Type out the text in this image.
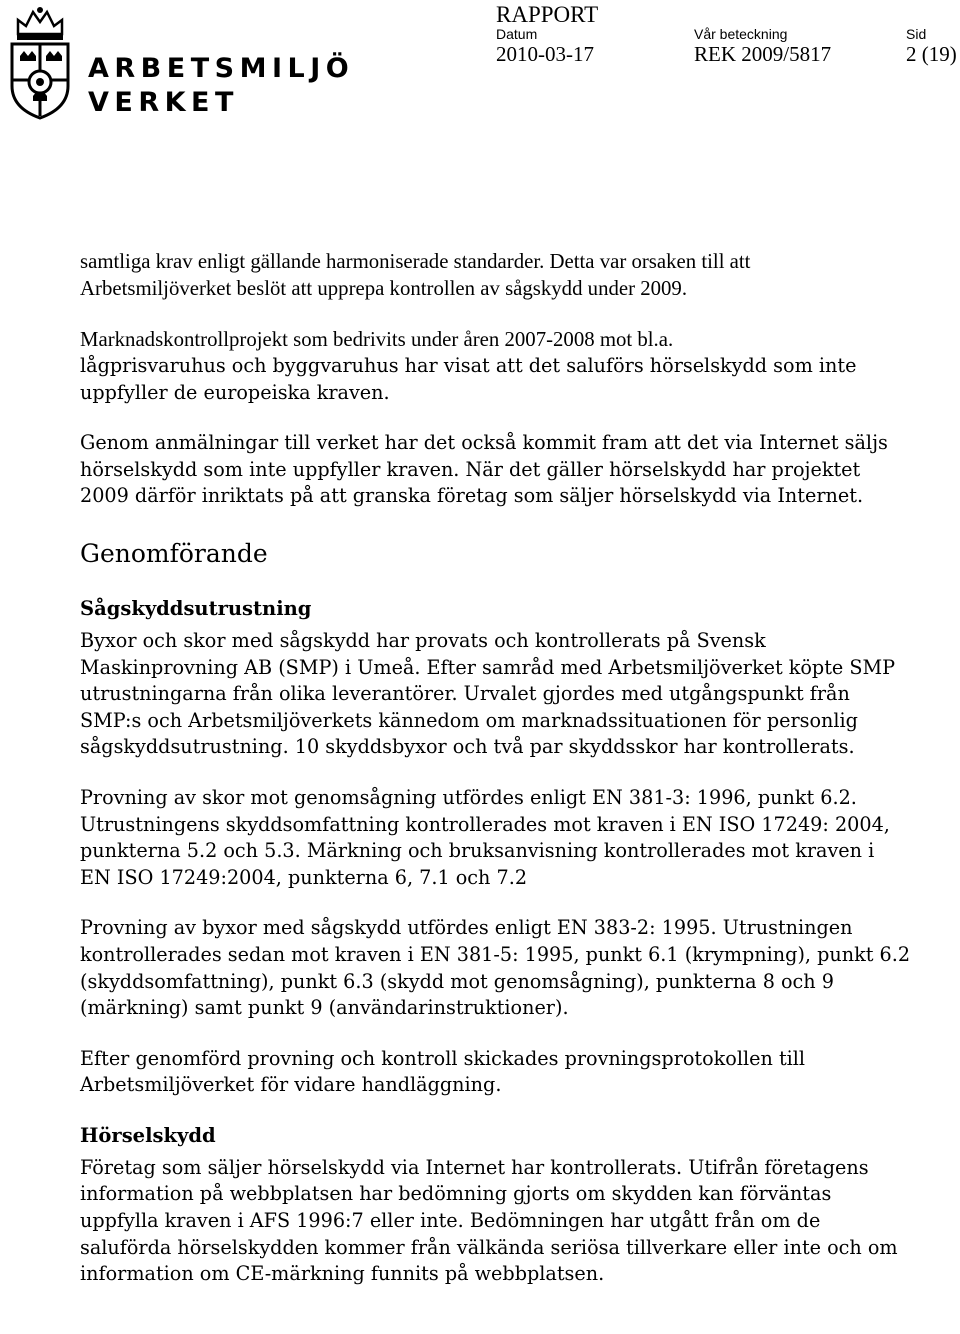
ARBETSMILJÖ
VERKET
RAPPORT
Datum
2010-03-17
Vår beteckning
REK 2009/5817
Sid
2 (19)
samtliga krav enligt gällande harmoniserade standarder. Detta var orsaken till att
Arbetsmiljöverket beslöt att upprepa kontrollen av sågskydd under 2009.
Marknadskontrollprojekt som bedrivits under åren 2007-2008 mot bl.a.
lågprisvaruhus och byggvaruhus har visat att det saluförs hörselskydd som inte
uppfyller de europeiska kraven.
Genom anmälningar till verket har det också kommit fram att det via Internet säljs
hörselskydd som inte uppfyller kraven. När det gäller hörselskydd har projektet
2009 därför inriktats på att granska företag som säljer hörselskydd via Internet.
Genomförande
Sågskyddsutrustning
Byxor och skor med sågskydd har provats och kontrollerats på Svensk
Maskinprovning AB (SMP) i Umeå. Efter samråd med Arbetsmiljöverket köpte SMP
utrustningarna från olika leverantörer. Urvalet gjordes med utgångspunkt från
SMP:s och Arbetsmiljöverkets kännedom om marknadssituationen för personlig
sågskyddsutrustning. 10 skyddsbyxor och två par skyddsskor har kontrollerats.
Provning av skor mot genomsågning utfördes enligt EN 381-3: 1996, punkt 6.2.
Utrustningens skyddsomfattning kontrollerades mot kraven i EN ISO 17249: 2004,
punkterna 5.2 och 5.3. Märkning och bruksanvisning kontrollerades mot kraven i
EN ISO 17249:2004, punkterna 6, 7.1 och 7.2
Provning av byxor med sågskydd utfördes enligt EN 383-2: 1995. Utrustningen
kontrollerades sedan mot kraven i EN 381-5: 1995, punkt 6.1 (krympning), punkt 6.2
(skyddsomfattning), punkt 6.3 (skydd mot genomsågning), punkterna 8 och 9
(märkning) samt punkt 9 (användarinstruktioner).
Efter genomförd provning och kontroll skickades provningsprotokollen till
Arbetsmiljöverket för vidare handläggning.
Hörselskydd
Företag som säljer hörselskydd via Internet har kontrollerats. Utifrån företagens
information på webbplatsen har bedömning gjorts om skydden kan förväntas
uppfylla kraven i AFS 1996:7 eller inte. Bedömningen har utgått från om de
saluförda hörselskydden kommer från välkända seriösa tillverkare eller inte och om
information om CE-märkning funnits på webbplatsen.
